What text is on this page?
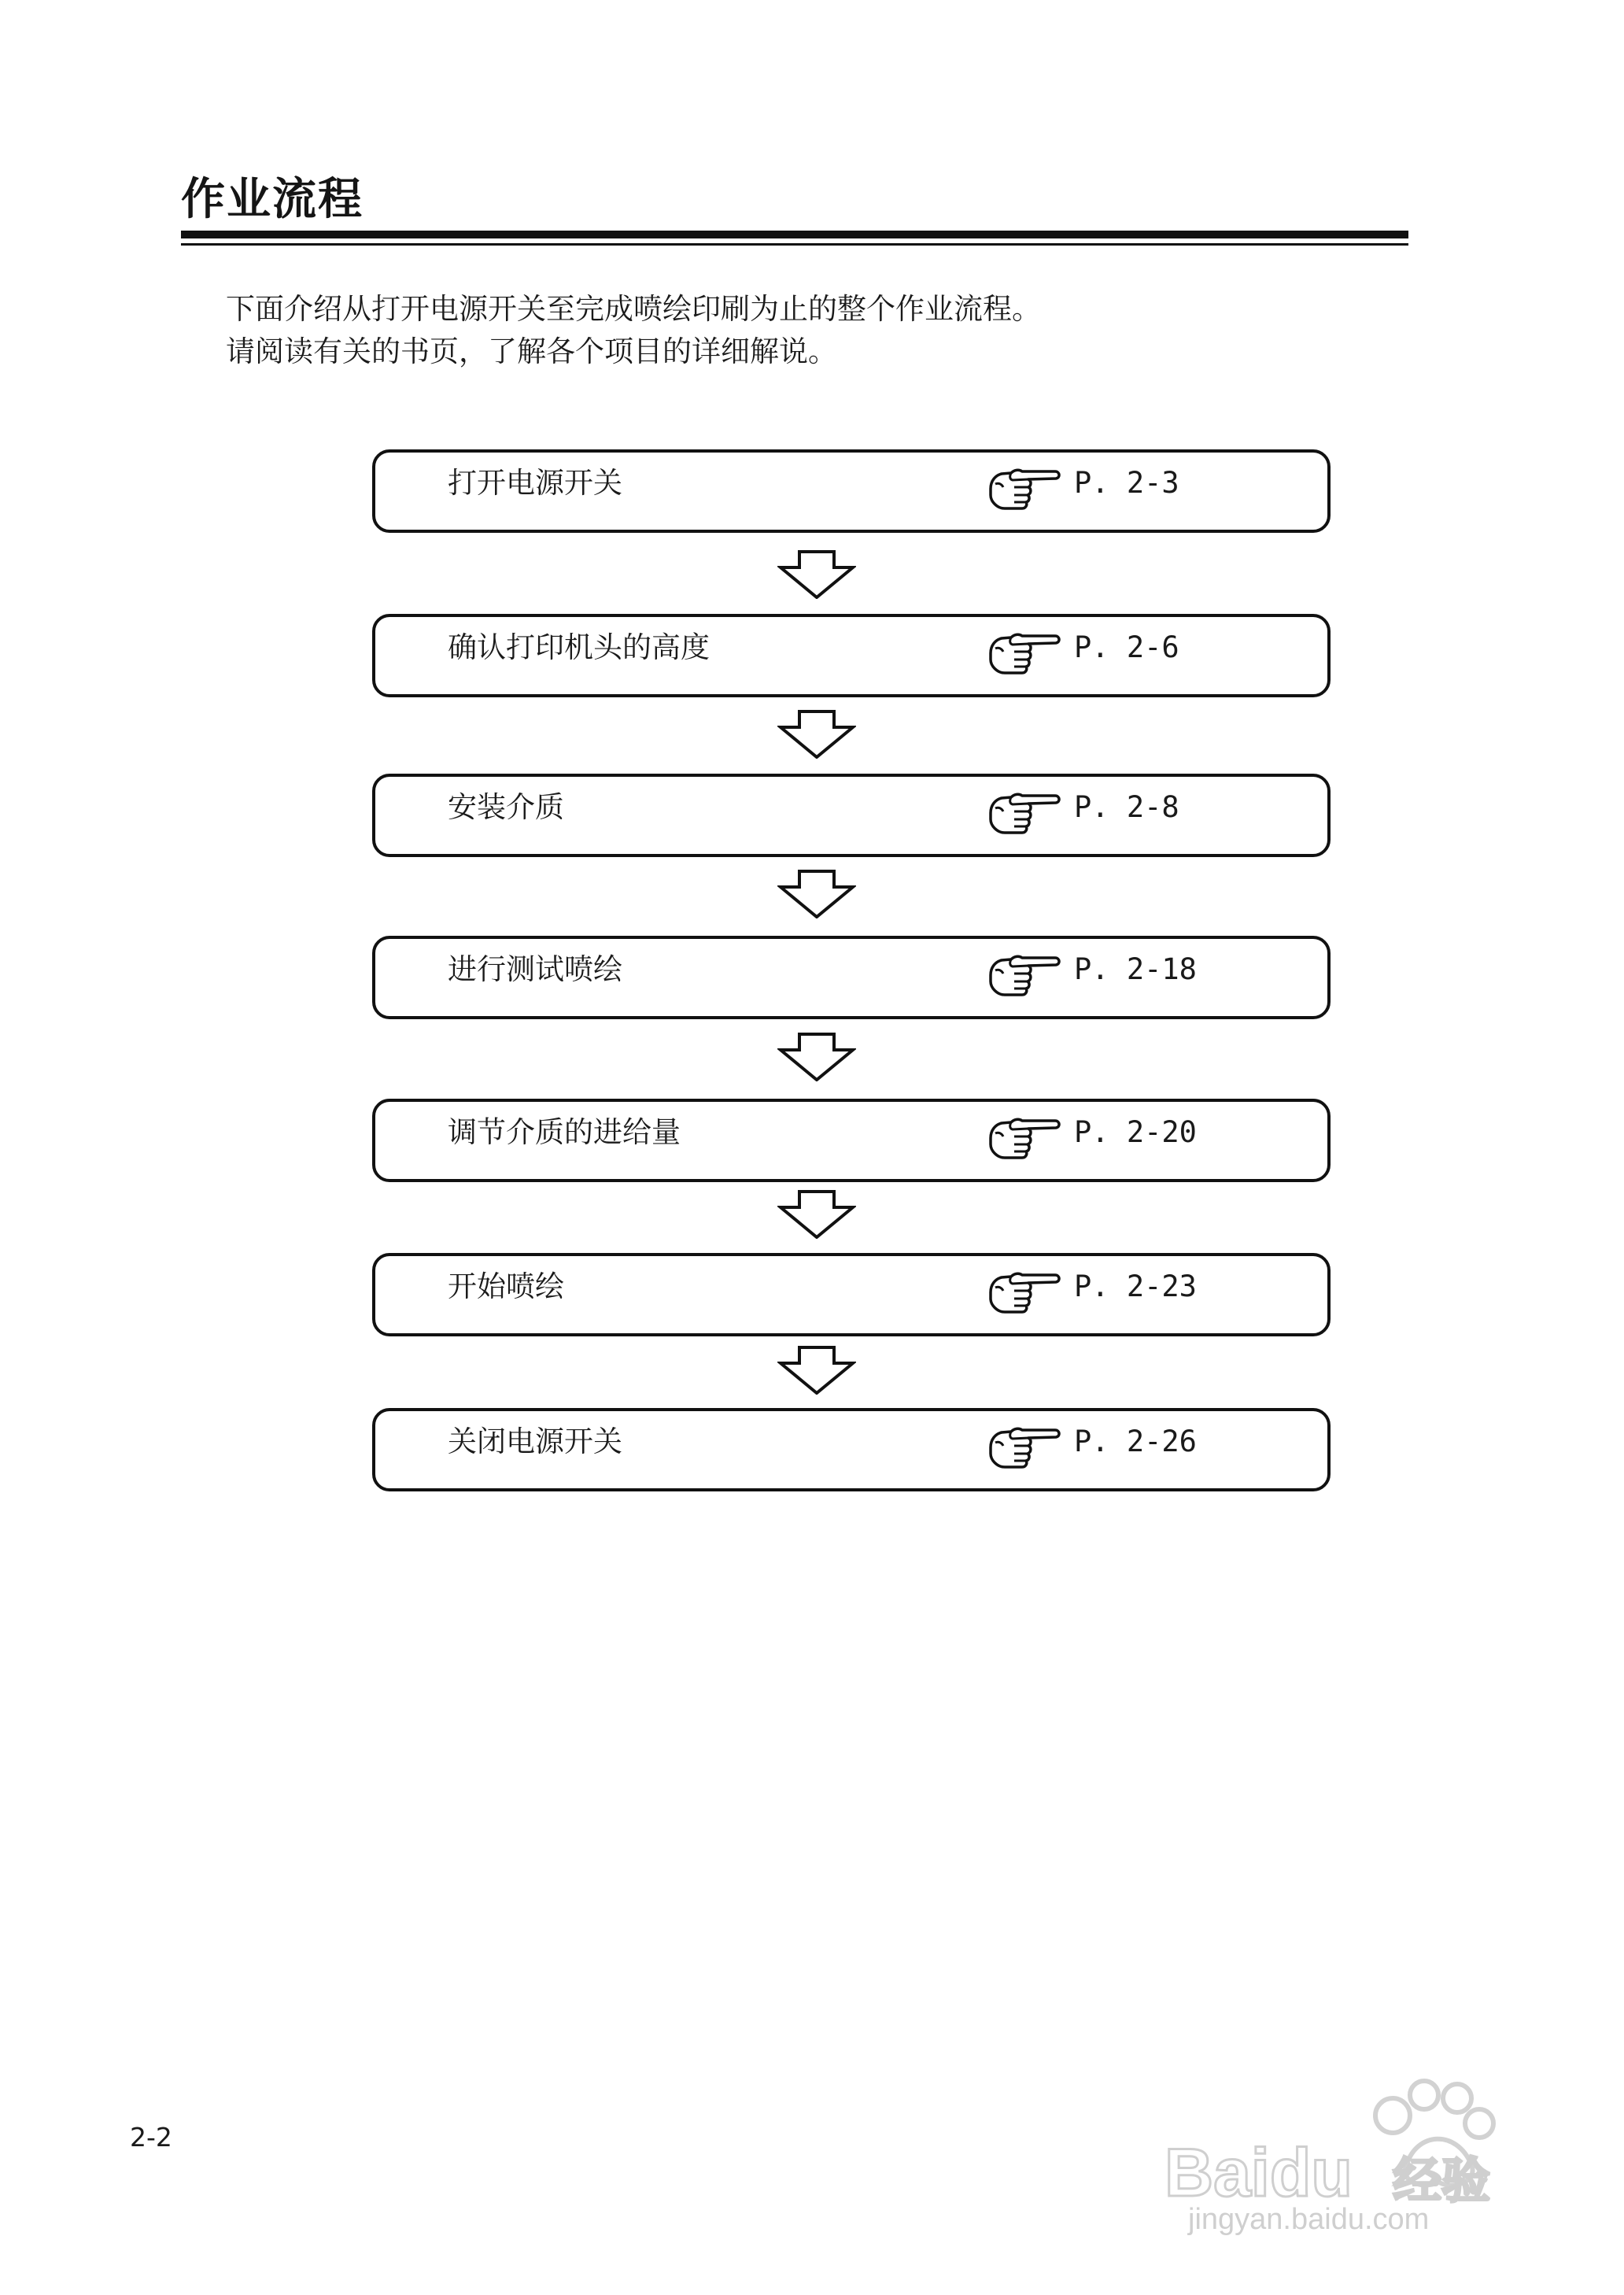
作业流程
下面介绍从打开电源开关至完成喷绘印刷为止的整个作业流程。
请阅读有关的书页，了解各个项目的详细解说。
打开电源开关	P. 2-3
确认打印机头的高度	P. 2-6
安装介质	P. 2-8
进行测试喷绘	P. 2-18
调节介质的进给量	P. 2-20
开始喷绘	P. 2-23
关闭电源开关	P. 2-26
2-2	Baidu 经验
jingyan.baidu.com
